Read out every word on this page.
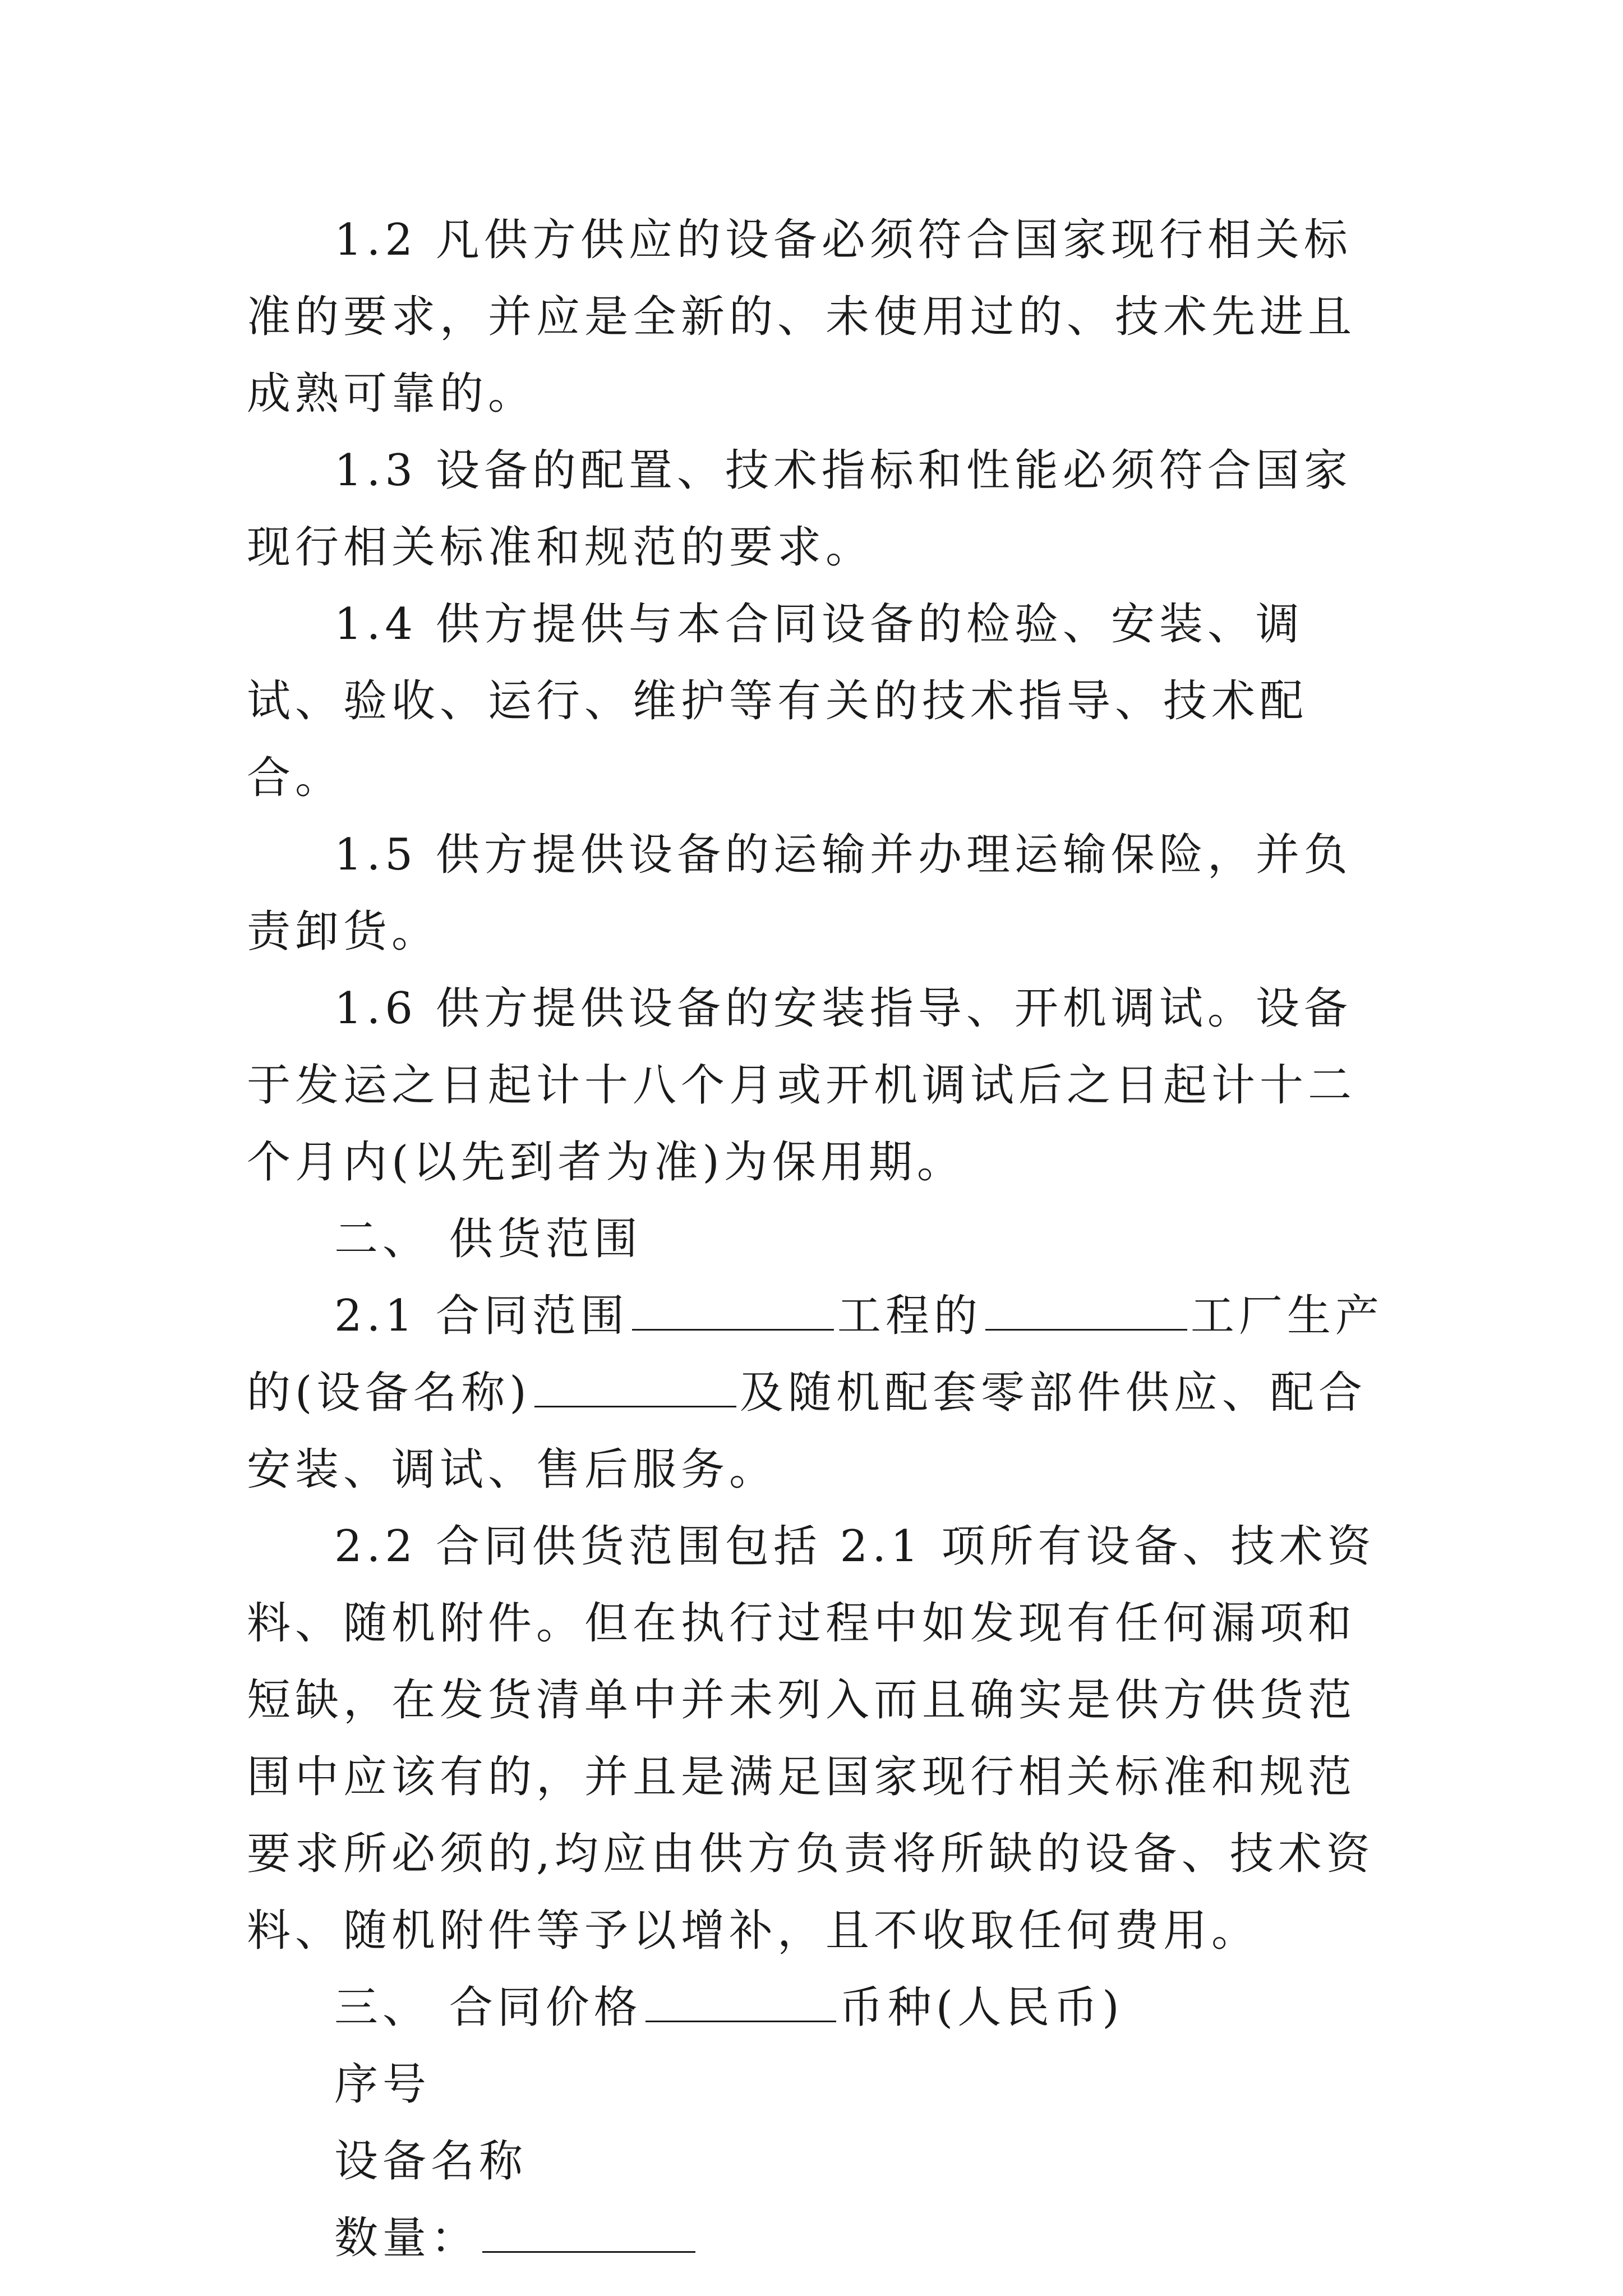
1.2 凡供方供应的设备必须符合国家现行相关标准的要求，并应是全新的、未使用过的、技术先进且成熟可靠的。

1.3 设备的配置、技术指标和性能必须符合国家现行相关标准和规范的要求。

1.4 供方提供与本合同设备的检验、安装、调试、验收、运行、维护等有关的技术指导、技术配合。

1.5 供方提供设备的运输并办理运输保险，并负责卸货。

1.6 供方提供设备的安装指导、开机调试。设备于发运之日起计十八个月或开机调试后之日起计十二个月内(以先到者为准)为保用期。

二、 供货范围

2.1 合同范围	工程的	工厂生产的(设备名称)	及随机配套零部件供应、配合安装、调试、售后服务。

2.2 合同供货范围包括 2.1 项所有设备、技术资料、随机附件。但在执行过程中如发现有任何漏项和短缺，在发货清单中并未列入而且确实是供方供货范围中应该有的，并且是满足国家现行相关标准和规范要求所必须的,均应由供方负责将所缺的设备、技术资料、随机附件等予以增补，且不收取任何费用。

三、 合同价格	币种(人民币)

序号

设备名称

数量：
